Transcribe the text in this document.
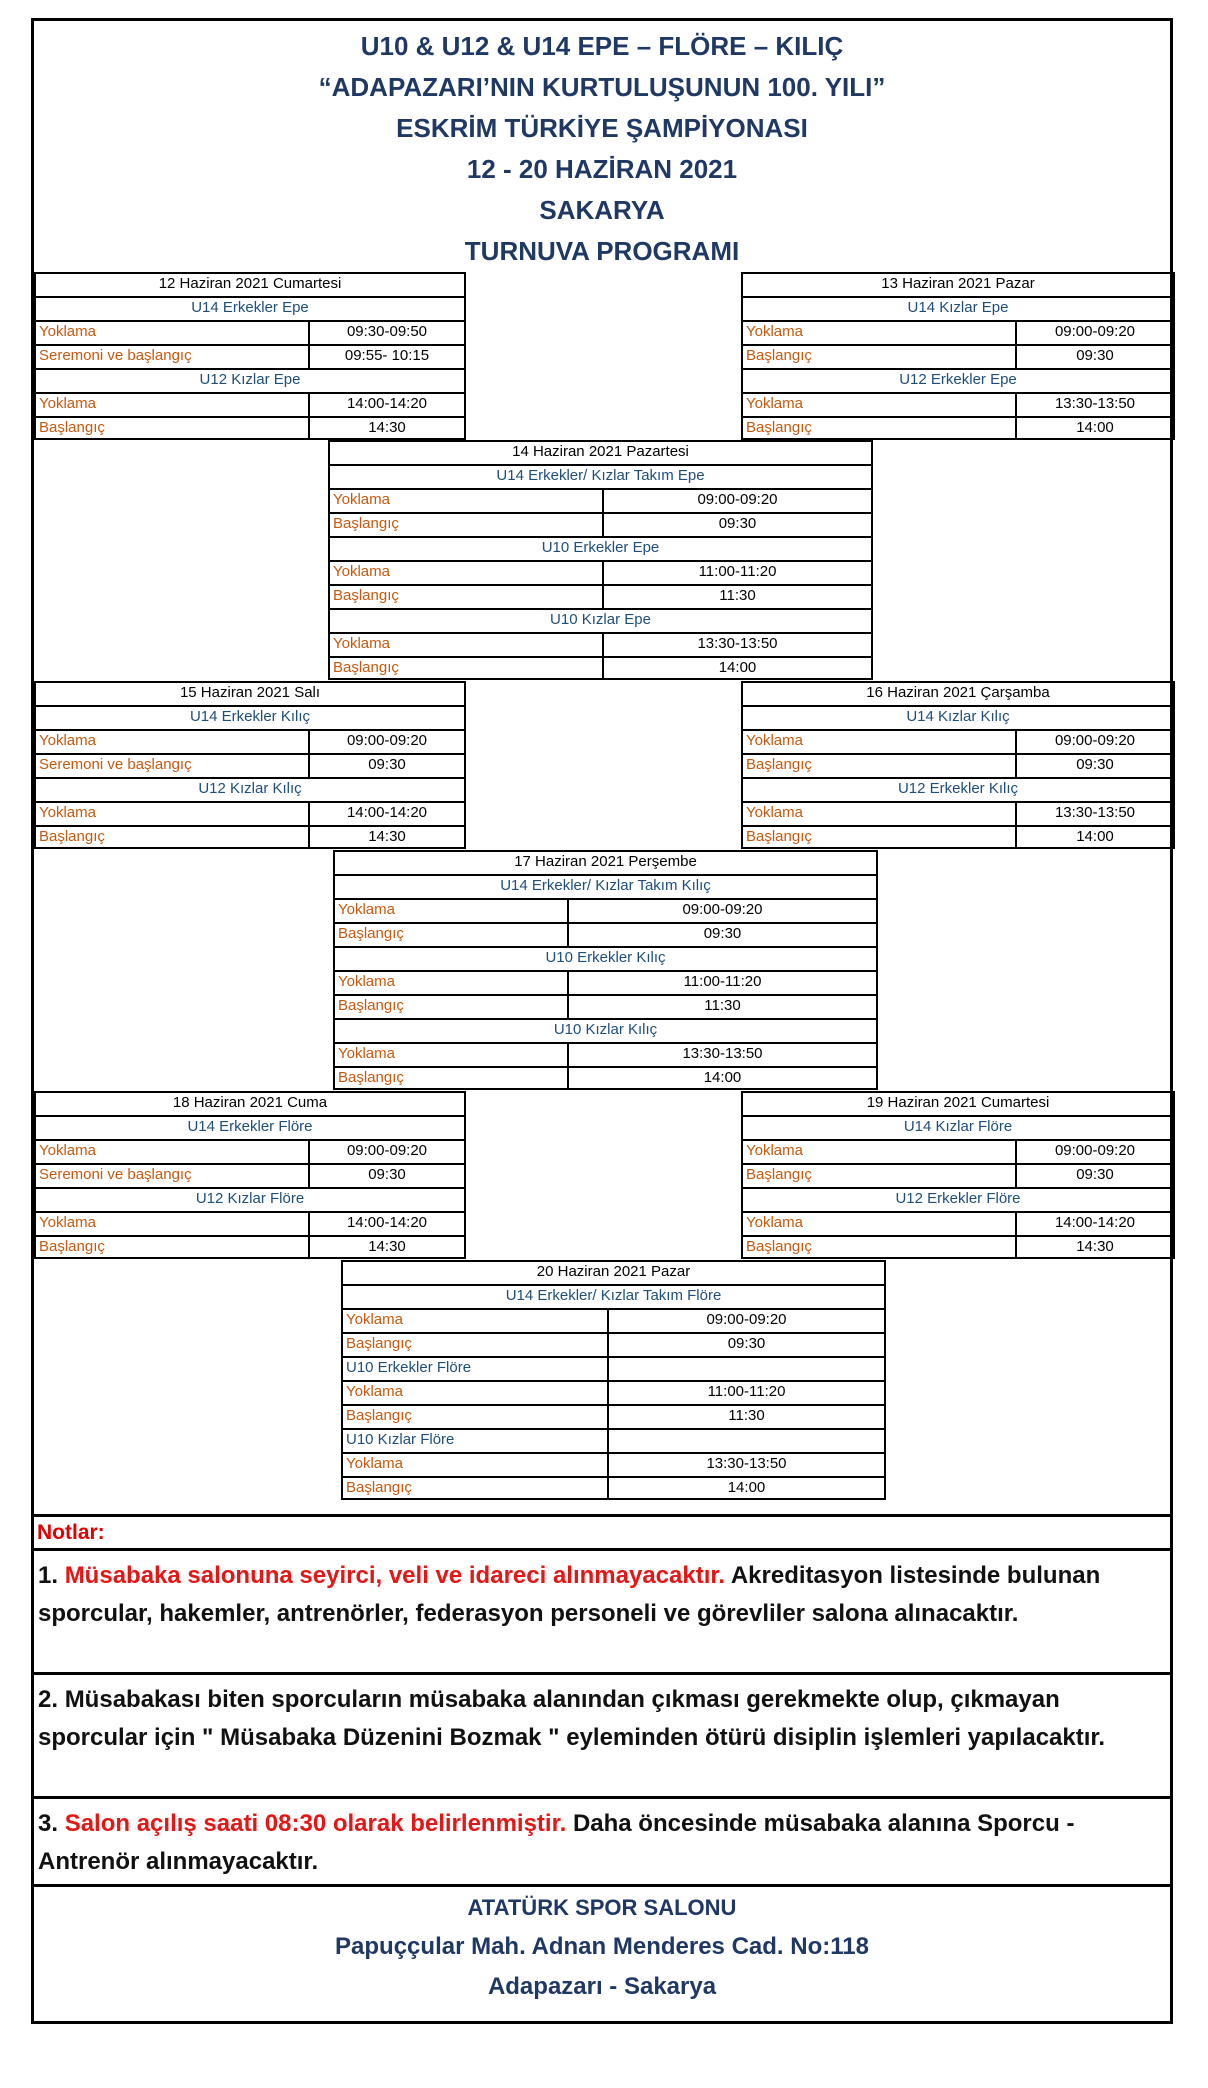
U10 & U12 & U14 EPE – FLÖRE – KILIÇ
“ADAPAZARI’NIN KURTULUŞUNUN 100. YILI”
ESKRİM TÜRKİYE ŞAMPİYONASI
12 - 20 HAZİRAN 2021
SAKARYA
TURNUVA PROGRAMI
12 Haziran 2021 Cumartesi
U14 Erkekler Epe
Yoklama	09:30-09:50
Seremoni ve başlangıç	09:55- 10:15
U12 Kızlar Epe
Yoklama	14:00-14:20
Başlangıç	14:30
13 Haziran 2021 Pazar
U14 Kızlar Epe
Yoklama	09:00-09:20
Başlangıç	09:30
U12 Erkekler Epe
Yoklama	13:30-13:50
Başlangıç	14:00
14 Haziran 2021 Pazartesi
U14 Erkekler/ Kızlar Takım Epe
Yoklama	09:00-09:20
Başlangıç	09:30
U10 Erkekler Epe
Yoklama	11:00-11:20
Başlangıç	11:30
U10 Kızlar Epe
Yoklama	13:30-13:50
Başlangıç	14:00
15 Haziran 2021 Salı
U14 Erkekler Kılıç
Yoklama	09:00-09:20
Seremoni ve başlangıç	09:30
U12 Kızlar Kılıç
Yoklama	14:00-14:20
Başlangıç	14:30
16 Haziran 2021 Çarşamba
U14 Kızlar Kılıç
Yoklama	09:00-09:20
Başlangıç	09:30
U12 Erkekler Kılıç
Yoklama	13:30-13:50
Başlangıç	14:00
17 Haziran 2021 Perşembe
U14 Erkekler/ Kızlar Takım Kılıç
Yoklama	09:00-09:20
Başlangıç	09:30
U10 Erkekler Kılıç
Yoklama	11:00-11:20
Başlangıç	11:30
U10 Kızlar Kılıç
Yoklama	13:30-13:50
Başlangıç	14:00
18 Haziran 2021 Cuma
U14 Erkekler Flöre
Yoklama	09:00-09:20
Seremoni ve başlangıç	09:30
U12 Kızlar Flöre
Yoklama	14:00-14:20
Başlangıç	14:30
19 Haziran 2021 Cumartesi
U14 Kızlar Flöre
Yoklama	09:00-09:20
Başlangıç	09:30
U12 Erkekler Flöre
Yoklama	14:00-14:20
Başlangıç	14:30
20 Haziran 2021 Pazar
U14 Erkekler/ Kızlar Takım Flöre
Yoklama	09:00-09:20
Başlangıç	09:30
U10 Erkekler Flöre
Yoklama	11:00-11:20
Başlangıç	11:30
U10 Kızlar Flöre
Yoklama	13:30-13:50
Başlangıç	14:00
Notlar:
1. Müsabaka salonuna seyirci, veli ve idareci alınmayacaktır. Akreditasyon listesinde bulunan sporcular, hakemler, antrenörler, federasyon personeli ve görevliler salona alınacaktır.
2. Müsabakası biten sporcuların müsabaka alanından çıkması gerekmekte olup, çıkmayan sporcular için " Müsabaka Düzenini Bozmak " eyleminden ötürü disiplin işlemleri yapılacaktır.
3. Salon açılış saati 08:30 olarak belirlenmiştir. Daha öncesinde müsabaka alanına Sporcu - Antrenör alınmayacaktır.
ATATÜRK SPOR SALONU
Papuççular Mah. Adnan Menderes Cad. No:118
Adapazarı - Sakarya
